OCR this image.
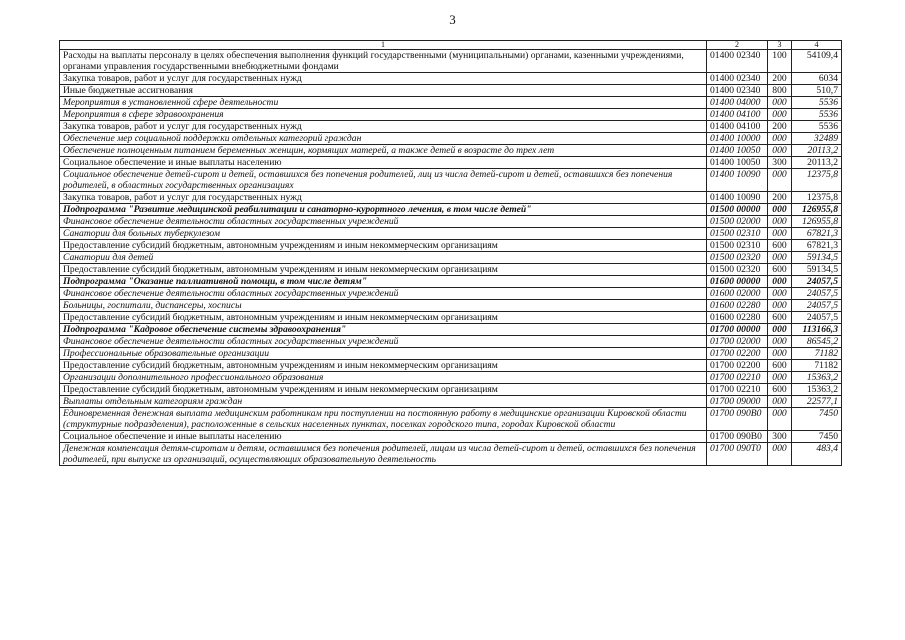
3
1	2	3	4
Расходы на выплаты персоналу в целях обеспечения выполнения функций государственными (муниципальными) органами, казенными учреждениями, органами управления государственными внебюджетными фондами	01400 02340	100	54109,4
Закупка товаров, работ и услуг для государственных нужд	01400 02340	200	6034
Иные бюджетные ассигнования	01400 02340	800	510,7
Мероприятия в установленной сфере деятельности	01400 04000	000	5536
Мероприятия в сфере здравоохранения	01400 04100	000	5536
Закупка товаров, работ и услуг для государственных нужд	01400 04100	200	5536
Обеспечение мер социальной поддержки отдельных категорий граждан	01400 10000	000	32489
Обеспечение полноценным питанием беременных женщин, кормящих матерей, а также детей в возрасте до трех лет	01400 10050	000	20113,2
Социальное обеспечение и иные выплаты населению	01400 10050	300	20113,2
Социальное обеспечение детей-сирот и детей, оставшихся без попечения родителей, лиц из числа детей-сирот и детей, оставшихся без попечения родителей, в областных государственных организациях	01400 10090	000	12375,8
Закупка товаров, работ и услуг для государственных нужд	01400 10090	200	12375,8
Подпрограмма "Развитие медицинской реабилитации и санаторно-курортного лечения, в том числе детей"	01500 00000	000	126955,8
Финансовое обеспечение деятельности областных государственных учреждений	01500 02000	000	126955,8
Санатории для больных туберкулезом	01500 02310	000	67821,3
Предоставление субсидий бюджетным, автономным учреждениям и иным некоммерческим организациям	01500 02310	600	67821,3
Санатории для детей	01500 02320	000	59134,5
Предоставление субсидий бюджетным, автономным учреждениям и иным некоммерческим организациям	01500 02320	600	59134,5
Подпрограмма "Оказание паллиативной помощи, в том числе детям"	01600 00000	000	24057,5
Финансовое обеспечение деятельности областных государственных учреждений	01600 02000	000	24057,5
Больницы, госпитали, диспансеры, хосписы	01600 02280	000	24057,5
Предоставление субсидий бюджетным, автономным учреждениям и иным некоммерческим организациям	01600 02280	600	24057,5
Подпрограмма "Кадровое обеспечение системы здравоохранения"	01700 00000	000	113166,3
Финансовое обеспечение деятельности областных государственных учреждений	01700 02000	000	86545,2
Профессиональные образовательные организации	01700 02200	000	71182
Предоставление субсидий бюджетным, автономным учреждениям и иным некоммерческим организациям	01700 02200	600	71182
Организации дополнительного профессионального образования	01700 02210	000	15363,2
Предоставление субсидий бюджетным, автономным учреждениям и иным некоммерческим организациям	01700 02210	600	15363,2
Выплаты отдельным категориям граждан	01700 09000	000	22577,1
Единовременная денежная выплата медицинским работникам при поступлении на постоянную работу в медицинские организации Кировской области (структурные подразделения), расположенные в сельских населенных пунктах, поселках городского типа, городах Кировской области	01700 090В0	000	7450
Социальное обеспечение и иные выплаты населению	01700 090В0	300	7450
Денежная компенсация детям-сиротам и детям, оставшимся без попечения родителей, лицам из числа детей-сирот и детей, оставшихся без попечения родителей, при выпуске из организаций, осуществляющих образовательную деятельность	01700 090Т0	000	483,4
